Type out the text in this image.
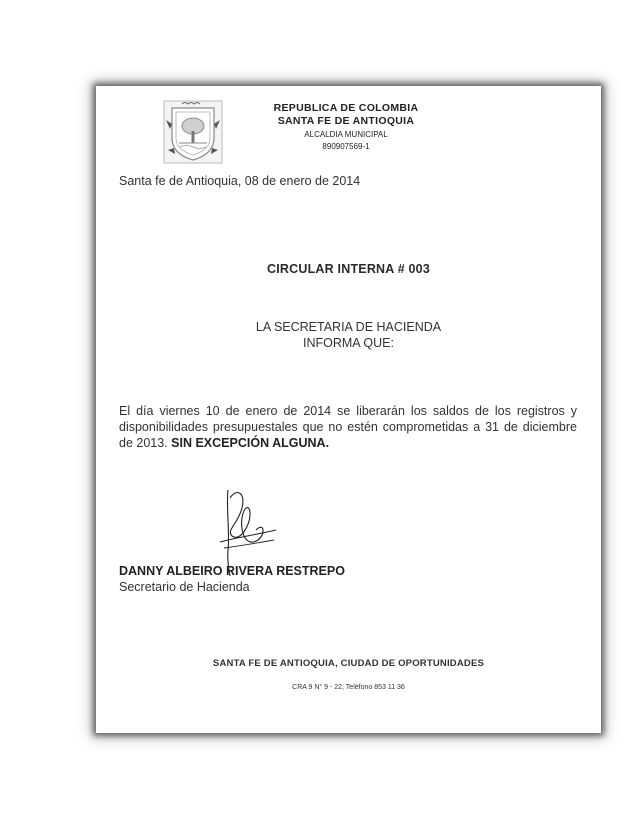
REPUBLICA DE COLOMBIA
SANTA FE DE ANTIOQUIA
ALCALDIA MUNICIPAL
890907569-1
Santa fe de Antioquia, 08 de enero de 2014
CIRCULAR INTERNA # 003
LA SECRETARIA DE HACIENDA
INFORMA QUE:
El día viernes 10 de enero de 2014 se liberarán los saldos de los registros y disponibilidades presupuestales que no estén comprometidas a 31 de diciembre de 2013. SIN EXCEPCIÓN ALGUNA.
DANNY ALBEIRO RIVERA RESTREPO
Secretario de Hacienda
SANTA FE DE ANTIOQUIA, CIUDAD DE OPORTUNIDADES
CRA 9 N° 9 - 22, Teléfono 853 11 36
